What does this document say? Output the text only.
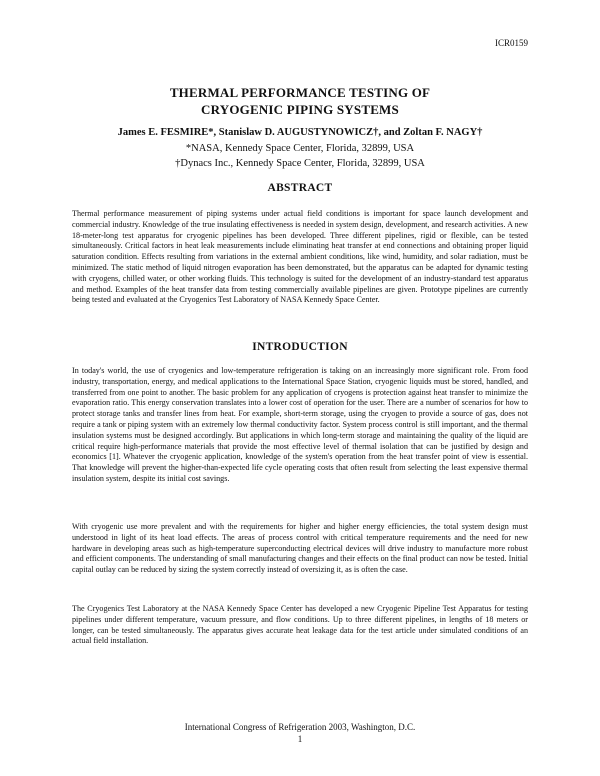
ICR0159
THERMAL PERFORMANCE TESTING OF
CRYOGENIC PIPING SYSTEMS
James E. FESMIRE*, Stanislaw D. AUGUSTYNOWICZ†, and Zoltan F. NAGY†
*NASA, Kennedy Space Center, Florida, 32899, USA
†Dynacs Inc., Kennedy Space Center, Florida, 32899, USA
ABSTRACT

Thermal performance measurement of piping systems under actual field conditions is important for space launch development and commercial industry. Knowledge of the true insulating effectiveness is needed in system design, development, and research activities. A new 18-meter-long test apparatus for cryogenic pipelines has been developed. Three different pipelines, rigid or flexible, can be tested simultaneously. Critical factors in heat leak measurements include eliminating heat transfer at end connections and obtaining proper liquid saturation condition. Effects resulting from variations in the external ambient conditions, like wind, humidity, and solar radiation, must be minimized. The static method of liquid nitrogen evaporation has been demonstrated, but the apparatus can be adapted for dynamic testing with cryogens, chilled water, or other working fluids. This technology is suited for the development of an industry-standard test apparatus and method. Examples of the heat transfer data from testing commercially available pipelines are given. Prototype pipelines are currently being tested and evaluated at the Cryogenics Test Laboratory of NASA Kennedy Space Center.

INTRODUCTION

In today's world, the use of cryogenics and low-temperature refrigeration is taking on an increasingly more significant role. From food industry, transportation, energy, and medical applications to the International Space Station, cryogenic liquids must be stored, handled, and transferred from one point to another. The basic problem for any application of cryogens is protection against heat transfer to minimize the evaporation ratio. This energy conservation translates into a lower cost of operation for the user. There are a number of scenarios for how to protect storage tanks and transfer lines from heat. For example, short-term storage, using the cryogen to provide a source of gas, does not require a tank or piping system with an extremely low thermal conductivity factor. System process control is still important, and the thermal insulation systems must be designed accordingly. But applications in which long-term storage and maintaining the quality of the liquid are critical require high-performance materials that provide the most effective level of thermal isolation that can be justified by design and economics [1]. Whatever the cryogenic application, knowledge of the system's operation from the heat transfer point of view is essential. That knowledge will prevent the higher-than-expected life cycle operating costs that often result from selecting the least expensive thermal insulation system, despite its initial cost savings.

With cryogenic use more prevalent and with the requirements for higher and higher energy efficiencies, the total system design must understood in light of its heat load effects. The areas of process control with critical temperature requirements and the need for new hardware in developing areas such as high-temperature superconducting electrical devices will drive industry to manufacture more robust and efficient components. The understanding of small manufacturing changes and their effects on the final product can now be tested. Initial capital outlay can be reduced by sizing the system correctly instead of oversizing it, as is often the case.

The Cryogenics Test Laboratory at the NASA Kennedy Space Center has developed a new Cryogenic Pipeline Test Apparatus for testing pipelines under different temperature, vacuum pressure, and flow conditions. Up to three different pipelines, in lengths of 18 meters or longer, can be tested simultaneously. The apparatus gives accurate heat leakage data for the test article under simulated conditions of an actual field installation.

International Congress of Refrigeration 2003, Washington, D.C.
1
